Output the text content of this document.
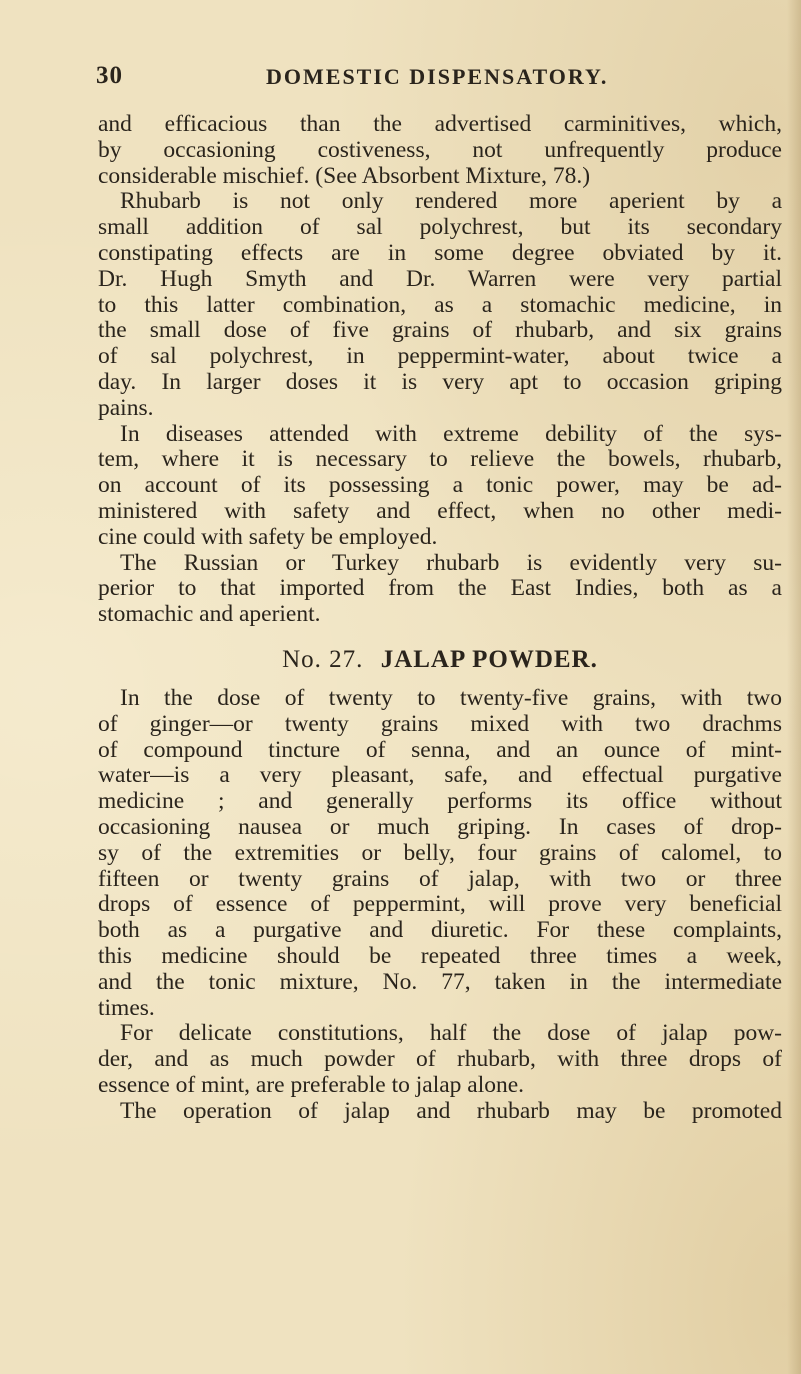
30	DOMESTIC DISPENSATORY.
and efficacious than the advertised carminitives, which,
by occasioning costiveness, not unfrequently produce
considerable mischief. (See Absorbent Mixture, 78.)
Rhubarb is not only rendered more aperient by a
small addition of sal polychrest, but its secondary
constipating effects are in some degree obviated by it.
Dr. Hugh Smyth and Dr. Warren were very partial
to this latter combination, as a stomachic medicine, in
the small dose of five grains of rhubarb, and six grains
of sal polychrest, in peppermint-water, about twice a
day. In larger doses it is very apt to occasion griping
pains.
In diseases attended with extreme debility of the sys-
tem, where it is necessary to relieve the bowels, rhubarb,
on account of its possessing a tonic power, may be ad-
ministered with safety and effect, when no other medi-
cine could with safety be employed.
The Russian or Turkey rhubarb is evidently very su-
perior to that imported from the East Indies, both as a
stomachic and aperient.
No. 27. JALAP POWDER.
In the dose of twenty to twenty-five grains, with two
of ginger—or twenty grains mixed with two drachms
of compound tincture of senna, and an ounce of mint-
water—is a very pleasant, safe, and effectual purgative
medicine ; and generally performs its office without
occasioning nausea or much griping. In cases of drop-
sy of the extremities or belly, four grains of calomel, to
fifteen or twenty grains of jalap, with two or three
drops of essence of peppermint, will prove very beneficial
both as a purgative and diuretic. For these complaints,
this medicine should be repeated three times a week,
and the tonic mixture, No. 77, taken in the intermediate
times.
For delicate constitutions, half the dose of jalap pow-
der, and as much powder of rhubarb, with three drops of
essence of mint, are preferable to jalap alone.
The operation of jalap and rhubarb may be promoted
